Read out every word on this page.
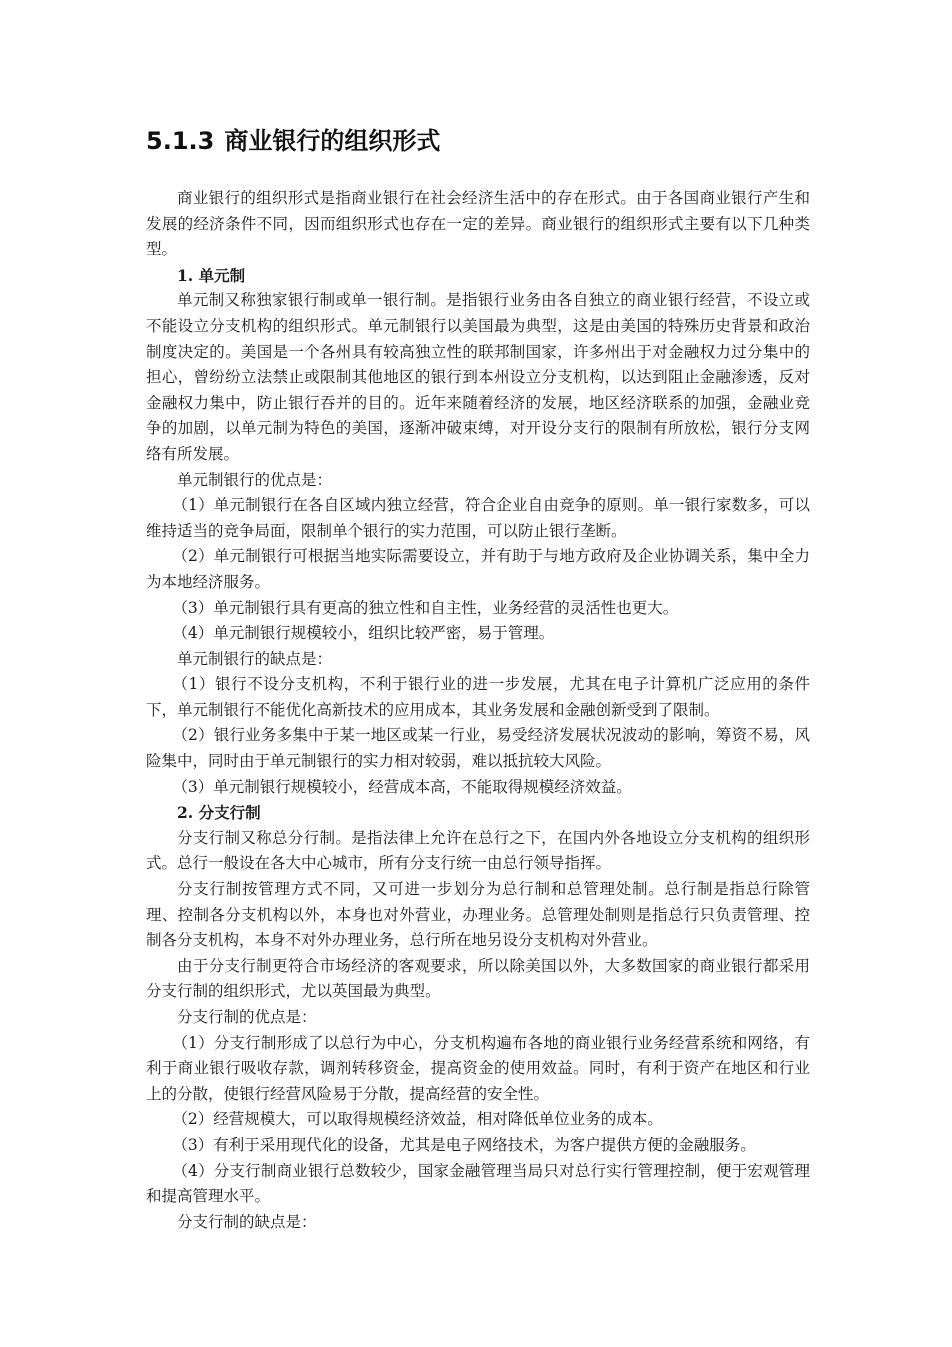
5.1.3 商业银行的组织形式

商业银行的组织形式是指商业银行在社会经济生活中的存在形式。由于各国商业银行产生和发展的经济条件不同，因而组织形式也存在一定的差异。商业银行的组织形式主要有以下几种类型。

1. 单元制

单元制又称独家银行制或单一银行制。是指银行业务由各自独立的商业银行经营，不设立或不能设立分支机构的组织形式。单元制银行以美国最为典型，这是由美国的特殊历史背景和政治制度决定的。美国是一个各州具有较高独立性的联邦制国家，许多州出于对金融权力过分集中的担心，曾纷纷立法禁止或限制其他地区的银行到本州设立分支机构，以达到阻止金融渗透，反对金融权力集中，防止银行吞并的目的。近年来随着经济的发展，地区经济联系的加强，金融业竞争的加剧，以单元制为特色的美国，逐渐冲破束缚，对开设分支行的限制有所放松，银行分支网络有所发展。

单元制银行的优点是：

（1）单元制银行在各自区域内独立经营，符合企业自由竞争的原则。单一银行家数多，可以维持适当的竞争局面，限制单个银行的实力范围，可以防止银行垄断。

（2）单元制银行可根据当地实际需要设立，并有助于与地方政府及企业协调关系，集中全力为本地经济服务。

（3）单元制银行具有更高的独立性和自主性，业务经营的灵活性也更大。

（4）单元制银行规模较小，组织比较严密，易于管理。

单元制银行的缺点是：

（1）银行不设分支机构，不利于银行业的进一步发展，尤其在电子计算机广泛应用的条件下，单元制银行不能优化高新技术的应用成本，其业务发展和金融创新受到了限制。

（2）银行业务多集中于某一地区或某一行业，易受经济发展状况波动的影响，筹资不易，风险集中，同时由于单元制银行的实力相对较弱，难以抵抗较大风险。

（3）单元制银行规模较小，经营成本高，不能取得规模经济效益。

2. 分支行制

分支行制又称总分行制。是指法律上允许在总行之下，在国内外各地设立分支机构的组织形式。总行一般设在各大中心城市，所有分支行统一由总行领导指挥。

分支行制按管理方式不同，又可进一步划分为总行制和总管理处制。总行制是指总行除管理、控制各分支机构以外，本身也对外营业，办理业务。总管理处制则是指总行只负责管理、控制各分支机构，本身不对外办理业务，总行所在地另设分支机构对外营业。

由于分支行制更符合市场经济的客观要求，所以除美国以外，大多数国家的商业银行都采用分支行制的组织形式，尤以英国最为典型。

分支行制的优点是：

（1）分支行制形成了以总行为中心，分支机构遍布各地的商业银行业务经营系统和网络，有利于商业银行吸收存款，调剂转移资金，提高资金的使用效益。同时，有利于资产在地区和行业上的分散，使银行经营风险易于分散，提高经营的安全性。

（2）经营规模大，可以取得规模经济效益，相对降低单位业务的成本。

（3）有利于采用现代化的设备，尤其是电子网络技术，为客户提供方便的金融服务。

（4）分支行制商业银行总数较少，国家金融管理当局只对总行实行管理控制，便于宏观管理和提高管理水平。

分支行制的缺点是：
